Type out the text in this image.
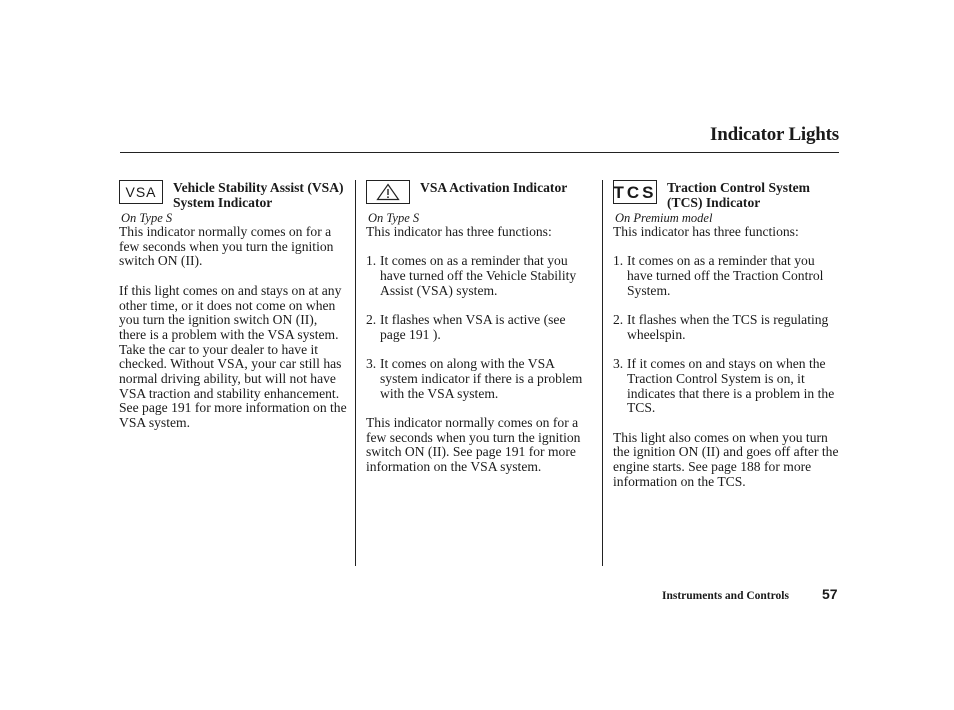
Indicator Lights
VSA Vehicle Stability Assist (VSA) System Indicator
On Type S

This indicator normally comes on for a few seconds when you turn the ignition switch ON (II).

If this light comes on and stays on at any other time, or it does not come on when you turn the ignition switch ON (II), there is a problem with the VSA system. Take the car to your dealer to have it checked. Without VSA, your car still has normal driving ability, but will not have VSA traction and stability enhancement. See page 191 for more information on the VSA system.

VSA Activation Indicator
On Type S

This indicator has three functions:

1. It comes on as a reminder that you have turned off the Vehicle Stability Assist (VSA) system.
2. It flashes when VSA is active (see page 191 ).
3. It comes on along with the VSA system indicator if there is a problem with the VSA system.

This indicator normally comes on for a few seconds when you turn the ignition switch ON (II). See page 191 for more information on the VSA system.

TCS Traction Control System (TCS) Indicator
On Premium model

This indicator has three functions:

1. It comes on as a reminder that you have turned off the Traction Control System.
2. It flashes when the TCS is regulating wheelspin.
3. If it comes on and stays on when the Traction Control System is on, it indicates that there is a problem in the TCS.

This light also comes on when you turn the ignition ON (II) and goes off after the engine starts. See page 188 for more information on the TCS.

Instruments and Controls 57
